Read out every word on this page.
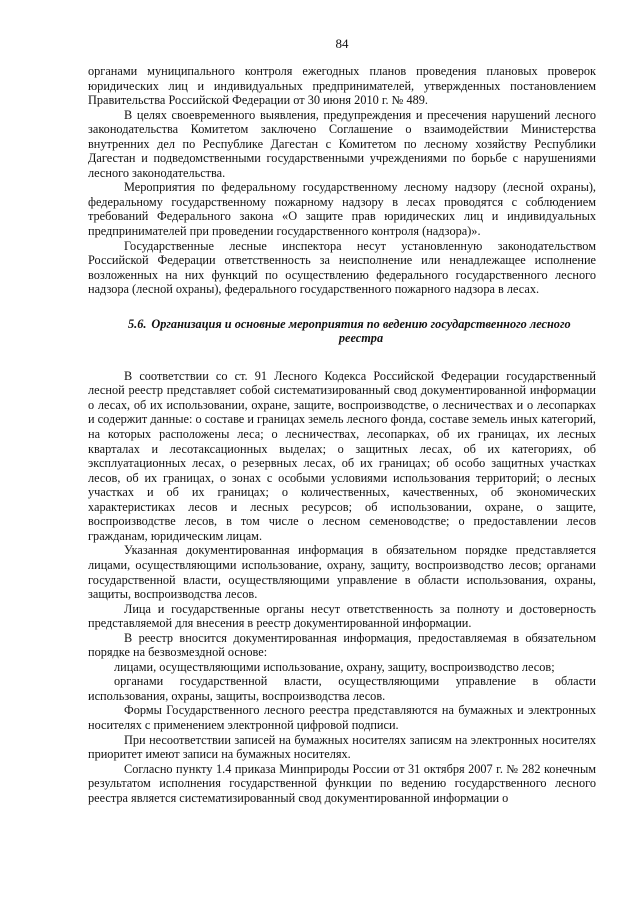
84

органами муниципального контроля ежегодных планов проведения плановых проверок юридических лиц и индивидуальных предпринимателей, утвержденных постановлением Правительства Российской Федерации от 30 июня 2010 г. № 489.

В целях своевременного выявления, предупреждения и пресечения нарушений лесного законодательства Комитетом заключено Соглашение о взаимодействии Министерства внутренних дел по Республике Дагестан с Комитетом по лесному хозяйству Республики Дагестан и подведомственными государственными учреждениями по борьбе с нарушениями лесного законодательства.

Мероприятия по федеральному государственному лесному надзору (лесной охраны), федеральному государственному пожарному надзору в лесах проводятся с соблюдением требований Федерального закона «О защите прав юридических лиц и индивидуальных предпринимателей при проведении государственного контроля (надзора)».

Государственные лесные инспектора несут установленную законодательством Российской Федерации ответственность за неисполнение или ненадлежащее исполнение возложенных на них функций по осуществлению федерального государственного лесного надзора (лесной охраны), федерального государственного пожарного надзора в лесах.

5.6. Организация и основные мероприятия по ведению государственного лесного реестра

В соответствии со ст. 91 Лесного Кодекса Российской Федерации государственный лесной реестр представляет собой систематизированный свод документированной информации о лесах, об их использовании, охране, защите, воспроизводстве, о лесничествах и о лесопарках и содержит данные: о составе и границах земель лесного фонда, составе земель иных категорий, на которых расположены леса; о лесничествах, лесопарках, об их границах, их лесных кварталах и лесотаксационных выделах; о защитных лесах, об их категориях, об эксплуатационных лесах, о резервных лесах, об их границах; об особо защитных участках лесов, об их границах, о зонах с особыми условиями использования территорий; о лесных участках и об их границах; о количественных, качественных, об экономических характеристиках лесов и лесных ресурсов; об использовании, охране, о защите, воспроизводстве лесов, в том числе о лесном семеноводстве; о предоставлении лесов гражданам, юридическим лицам.

Указанная документированная информация в обязательном порядке представляется лицами, осуществляющими использование, охрану, защиту, воспроизводство лесов; органами государственной власти, осуществляющими управление в области использования, охраны, защиты, воспроизводства лесов.

Лица и государственные органы несут ответственность за полноту и достоверность представляемой для внесения в реестр документированной информации.

В реестр вносится документированная информация, предоставляемая в обязательном порядке на безвозмездной основе:

лицами, осуществляющими использование, охрану, защиту, воспроизводство лесов;

органами государственной власти, осуществляющими управление в области использования, охраны, защиты, воспроизводства лесов.

Формы Государственного лесного реестра представляются на бумажных и электронных носителях с применением электронной цифровой подписи.

При несоответствии записей на бумажных носителях записям на электронных носителях приоритет имеют записи на бумажных носителях.

Согласно пункту 1.4 приказа Минприроды России от 31 октября 2007 г. № 282 конечным результатом исполнения государственной функции по ведению государственного лесного реестра является систематизированный свод документированной информации о
